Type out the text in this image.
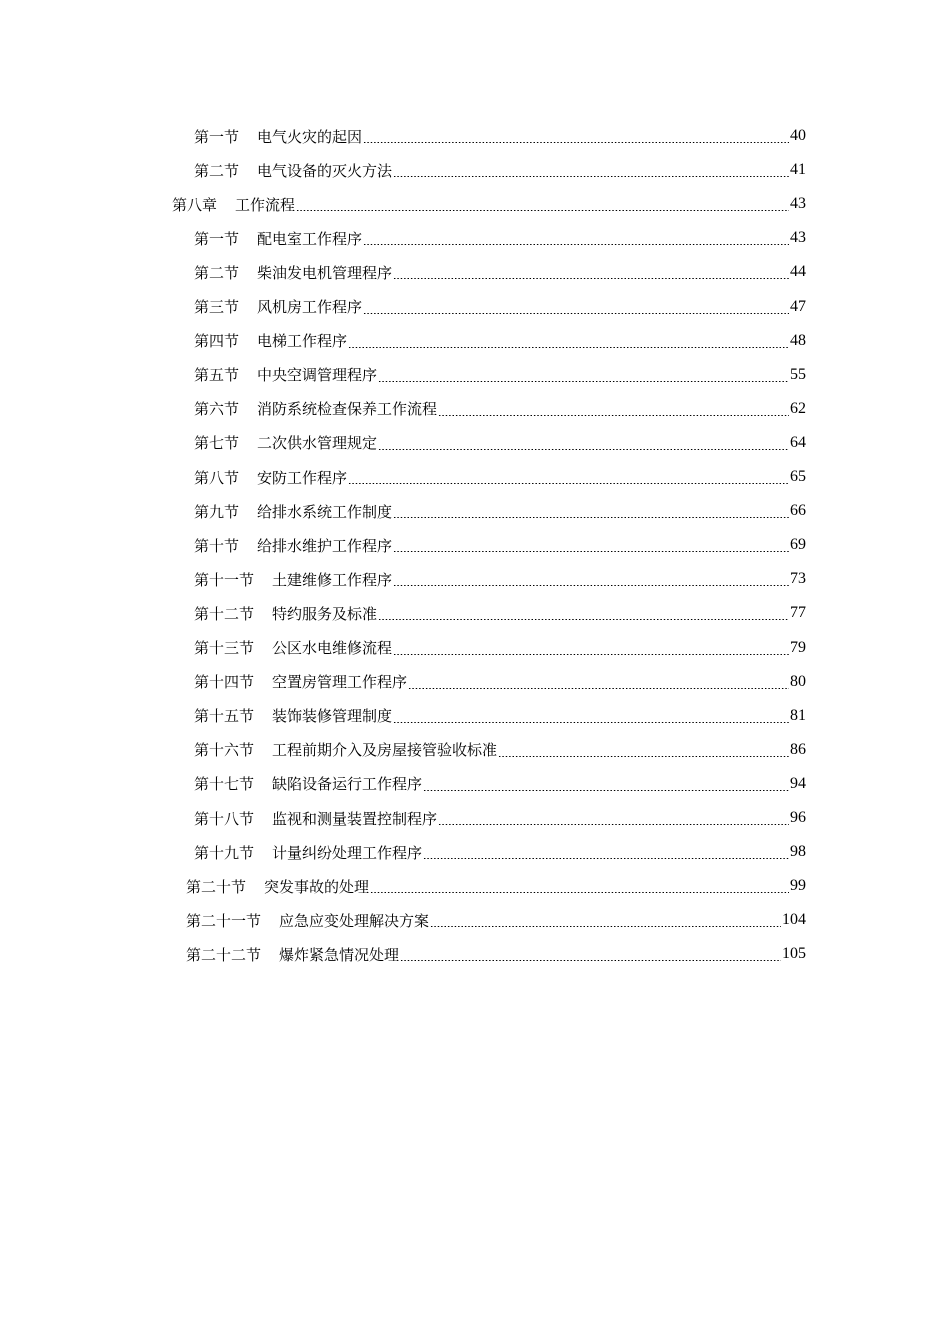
第一节 电气火灾的起因	40
第二节 电气设备的灭火方法	41
第八章 工作流程	43
第一节 配电室工作程序	43
第二节 柴油发电机管理程序	44
第三节 风机房工作程序	47
第四节 电梯工作程序	48
第五节 中央空调管理程序	55
第六节 消防系统检查保养工作流程	62
第七节 二次供水管理规定	64
第八节 安防工作程序	65
第九节 给排水系统工作制度	66
第十节 给排水维护工作程序	69
第十一节 土建维修工作程序	73
第十二节 特约服务及标准	77
第十三节 公区水电维修流程	79
第十四节 空置房管理工作程序	80
第十五节 装饰装修管理制度	81
第十六节 工程前期介入及房屋接管验收标准	86
第十七节 缺陷设备运行工作程序	94
第十八节 监视和测量装置控制程序	96
第十九节 计量纠纷处理工作程序	98
第二十节 突发事故的处理	99
第二十一节 应急应变处理解决方案	104
第二十二节 爆炸紧急情况处理	105
